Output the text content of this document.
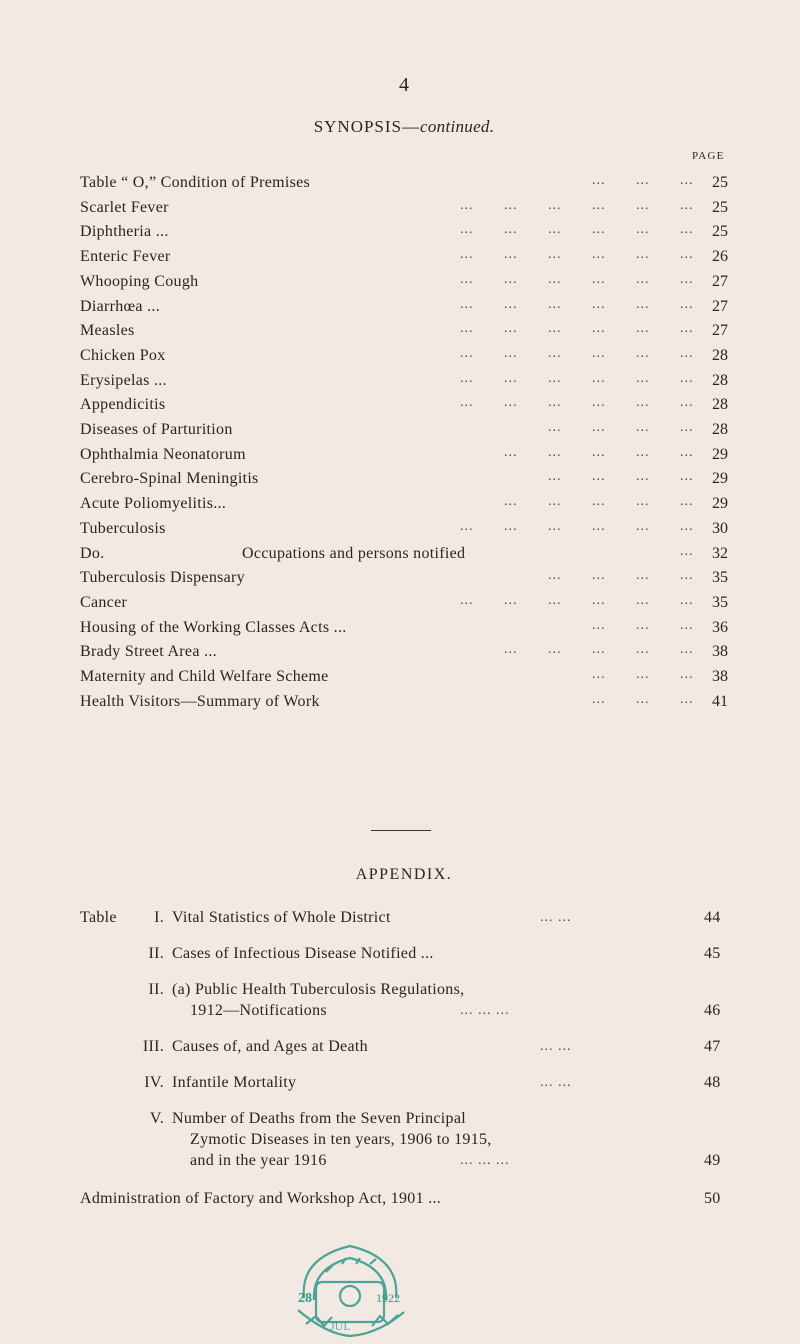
4
SYNOPSIS—continued.
PAGE
Table “ O,” Condition of Premises	... ... ... 25
Scarlet Fever	... ... ... ... ... ... 25
Diphtheria ...	... ... ... ... ... ... 25
Enteric Fever	... ... ... ... ... ... 26
Whooping Cough	... ... ... ... ... ... 27
Diarrhœa ...	... ... ... ... ... ... 27
Measles	... ... ... ... ... ... 27
Chicken Pox	... ... ... ... ... ... 28
Erysipelas ...	... ... ... ... ... ... 28
Appendicitis	... ... ... ... ... ... 28
Diseases of Parturition	... ... ... ... 28
Ophthalmia Neonatorum	... ... ... ... ... 29
Cerebro-Spinal Meningitis	... ... ... ... 29
Acute Poliomyelitis...	... ... ... ... ... 29
Tuberculosis	... ... ... ... ... ... 30
Do.	Occupations and persons notified	... 32
Tuberculosis Dispensary	... ... ... ... 35
Cancer	... ... ... ... ... ... 35
Housing of the Working Classes Acts ...	... ... ... 36
Brady Street Area ...	... ... ... ... ... 38
Maternity and Child Welfare Scheme	... ... ... 38
Health Visitors—Summary of Work	... ... ... 41
APPENDIX.
Table	I. Vital Statistics of Whole District	... ...	44
II. Cases of Infectious Disease Notified ...	45
II. (a) Public Health Tuberculosis Regulations,
1912—Notifications	... ... ...	46
III. Causes of, and Ages at Death	... ...	47
IV. Infantile Mortality	... ...	48
V. Number of Deaths from the Seven Principal
Zymotic Diseases in ten years, 1906 to 1915,
and in the year 1916	... ... ...	49
Administration of Factory and Workshop Act, 1901 ...	50
28
JUL
1922
